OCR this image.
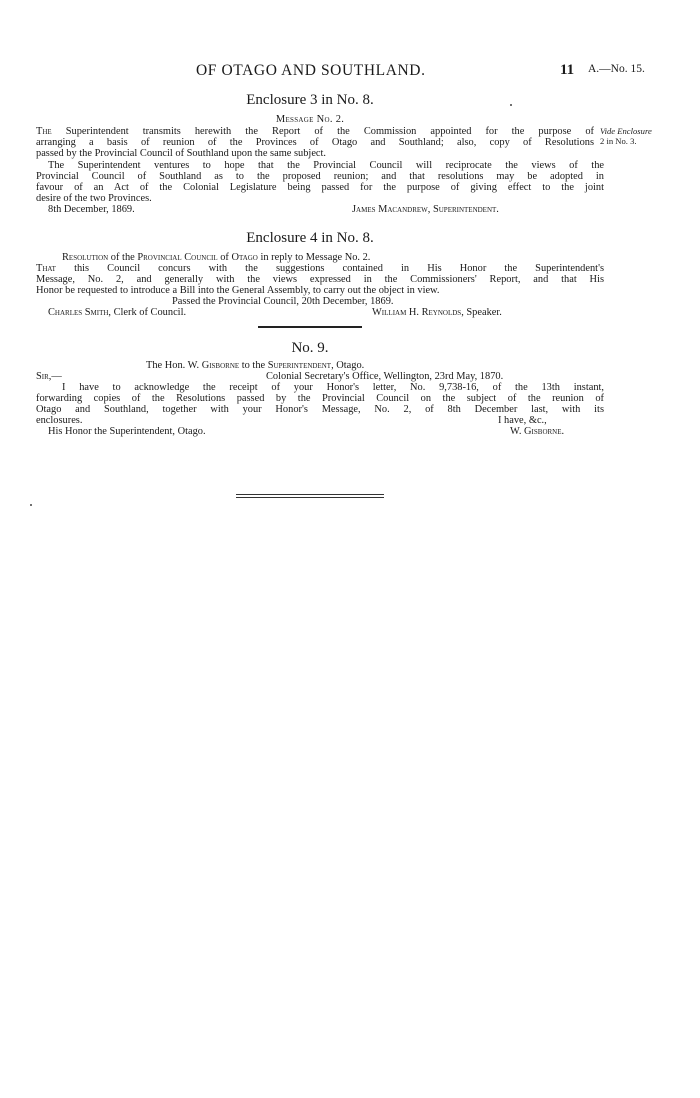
OF OTAGO AND SOUTHLAND.	11 A.—No. 15.
Enclosure 3 in No. 8.
Message No. 2.
The Superintendent transmits herewith the Report of the Commission appointed for the purpose of Vide Enclosure
2 in No. 3.
arranging a basis of reunion of the Provinces of Otago and Southland; also, copy of Resolutions
passed by the Provincial Council of Southland upon the same subject.
The Superintendent ventures to hope that the Provincial Council will reciprocate the views of the
Provincial Council of Southland as to the proposed reunion; and that resolutions may be adopted in
favour of an Act of the Colonial Legislature being passed for the purpose of giving effect to the joint
desire of the two Provinces.
8th December, 1869.	James Macandrew, Superintendent.
Enclosure 4 in No. 8.
Resolution of the Provincial Council of Otago in reply to Message No. 2.
That this Council concurs with the suggestions contained in His Honor the Superintendent's
Message, No. 2, and generally with the views expressed in the Commissioners' Report, and that His
Honor be requested to introduce a Bill into the General Assembly, to carry out the object in view.
Passed the Provincial Council, 20th December, 1869.
Charles Smith, Clerk of Council.	William H. Reynolds, Speaker.
No. 9.
The Hon. W. Gisborne to the Superintendent, Otago.
Sir,—	Colonial Secretary's Office, Wellington, 23rd May, 1870.
I have to acknowledge the receipt of your Honor's letter, No. 9,738-16, of the 13th instant,
forwarding copies of the Resolutions passed by the Provincial Council on the subject of the reunion of
Otago and Southland, together with your Honor's Message, No. 2, of 8th December last, with its
enclosures.	I have, &c.,
His Honor the Superintendent, Otago.	W. Gisborne.
